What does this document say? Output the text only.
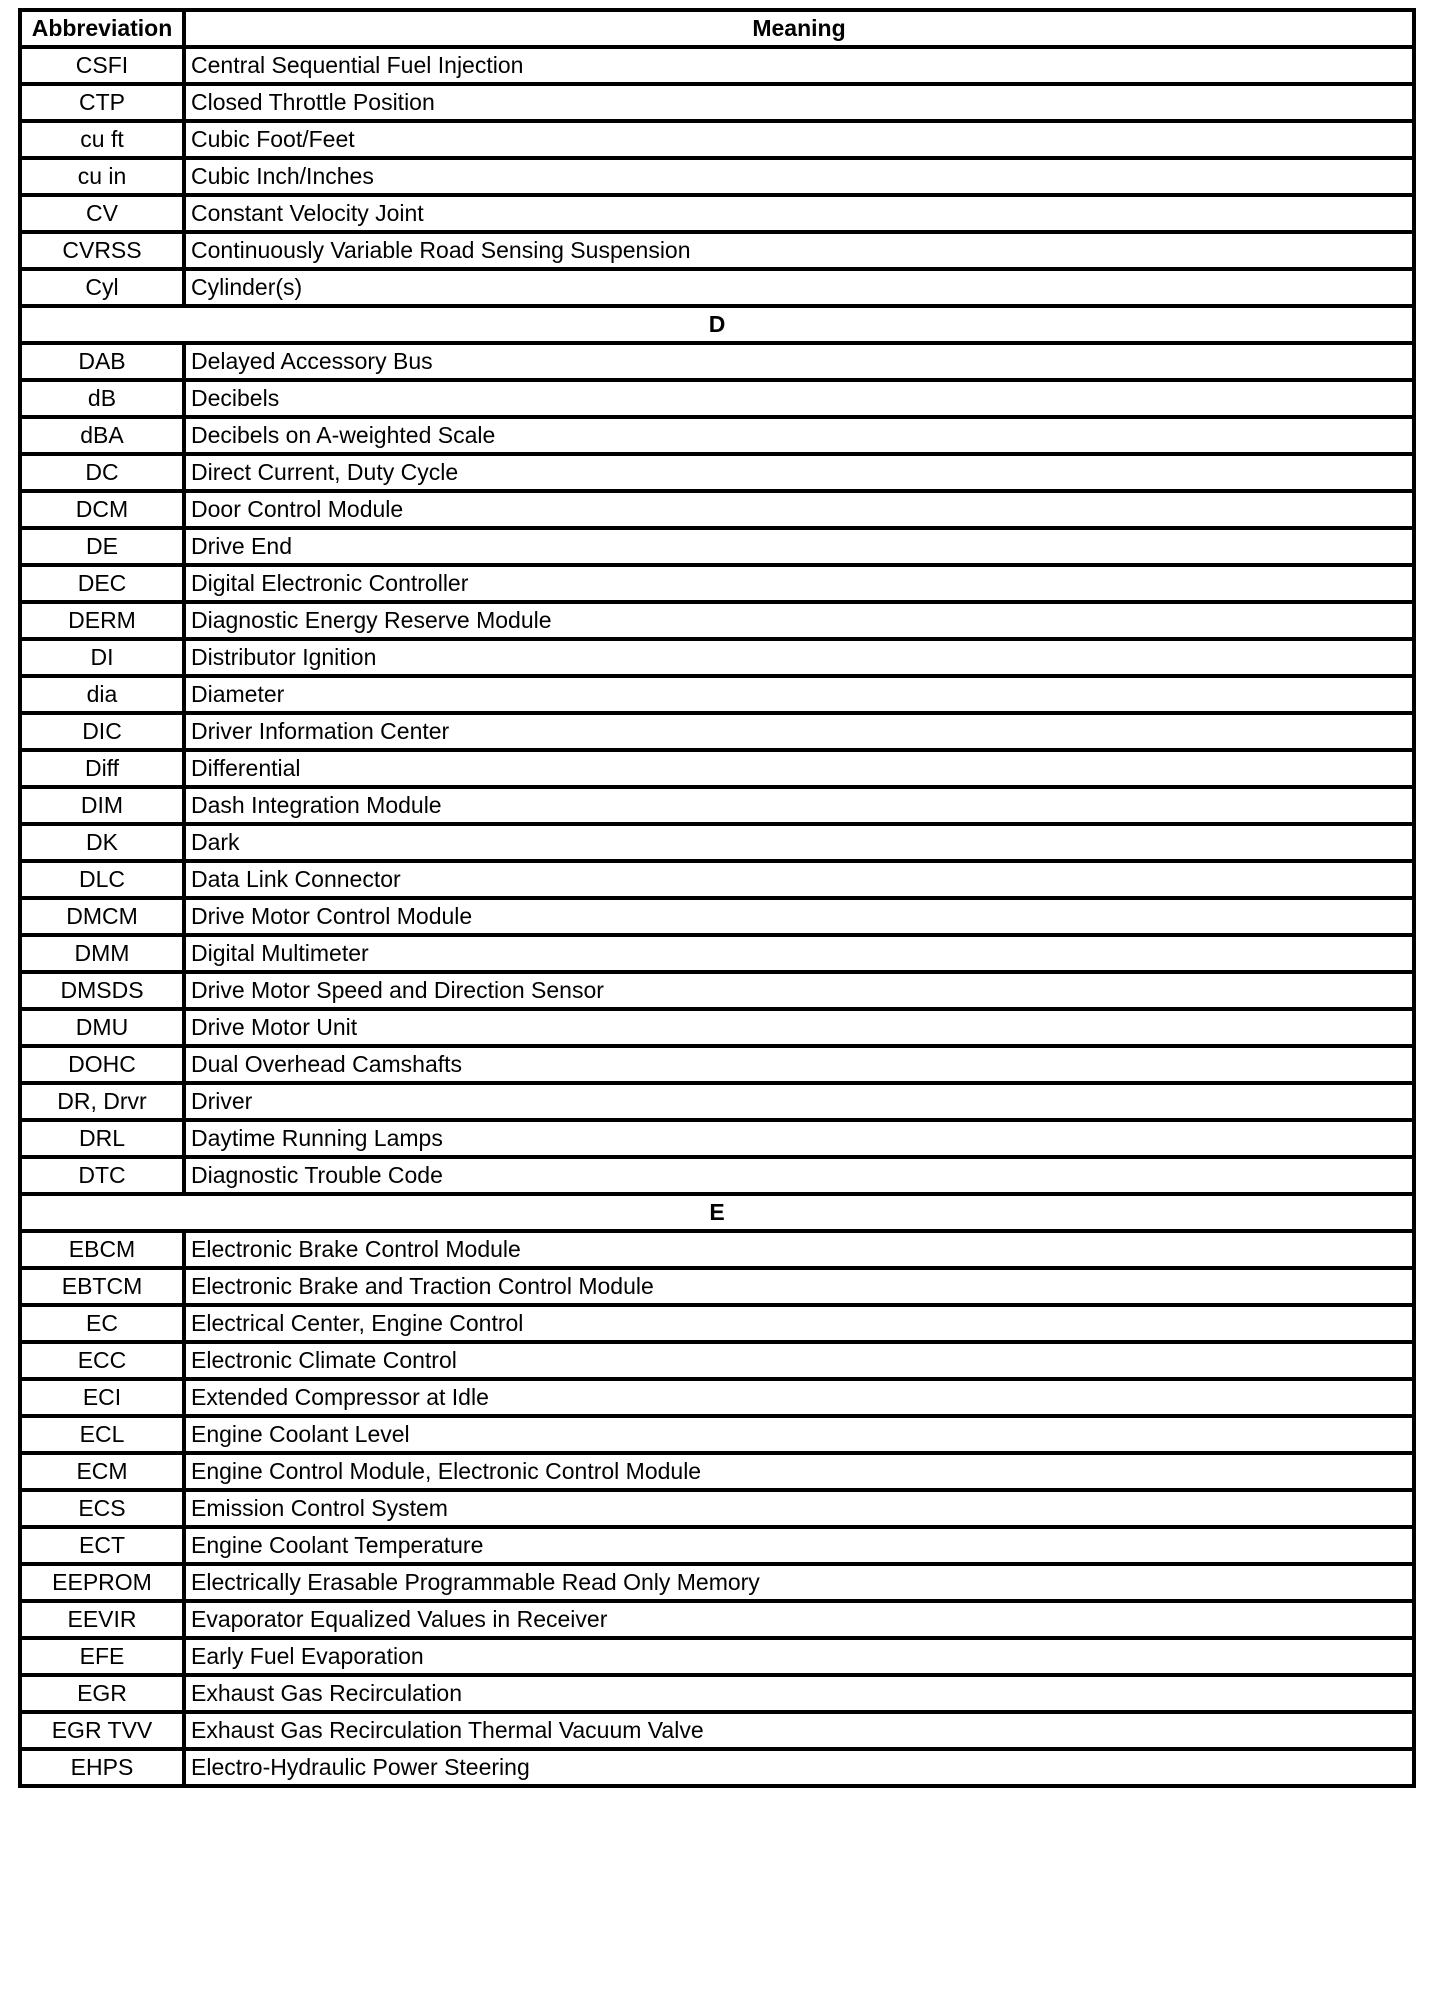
Abbreviation	Meaning
CSFI	Central Sequential Fuel Injection
CTP	Closed Throttle Position
cu ft	Cubic Foot/Feet
cu in	Cubic Inch/Inches
CV	Constant Velocity Joint
CVRSS	Continuously Variable Road Sensing Suspension
Cyl	Cylinder(s)
D	
DAB	Delayed Accessory Bus
dB	Decibels
dBA	Decibels on A-weighted Scale
DC	Direct Current, Duty Cycle
DCM	Door Control Module
DE	Drive End
DEC	Digital Electronic Controller
DERM	Diagnostic Energy Reserve Module
DI	Distributor Ignition
dia	Diameter
DIC	Driver Information Center
Diff	Differential
DIM	Dash Integration Module
DK	Dark
DLC	Data Link Connector
DMCM	Drive Motor Control Module
DMM	Digital Multimeter
DMSDS	Drive Motor Speed and Direction Sensor
DMU	Drive Motor Unit
DOHC	Dual Overhead Camshafts
DR, Drvr	Driver
DRL	Daytime Running Lamps
DTC	Diagnostic Trouble Code
E	
EBCM	Electronic Brake Control Module
EBTCM	Electronic Brake and Traction Control Module
EC	Electrical Center, Engine Control
ECC	Electronic Climate Control
ECI	Extended Compressor at Idle
ECL	Engine Coolant Level
ECM	Engine Control Module, Electronic Control Module
ECS	Emission Control System
ECT	Engine Coolant Temperature
EEPROM	Electrically Erasable Programmable Read Only Memory
EEVIR	Evaporator Equalized Values in Receiver
EFE	Early Fuel Evaporation
EGR	Exhaust Gas Recirculation
EGR TVV	Exhaust Gas Recirculation Thermal Vacuum Valve
EHPS	Electro-Hydraulic Power Steering
